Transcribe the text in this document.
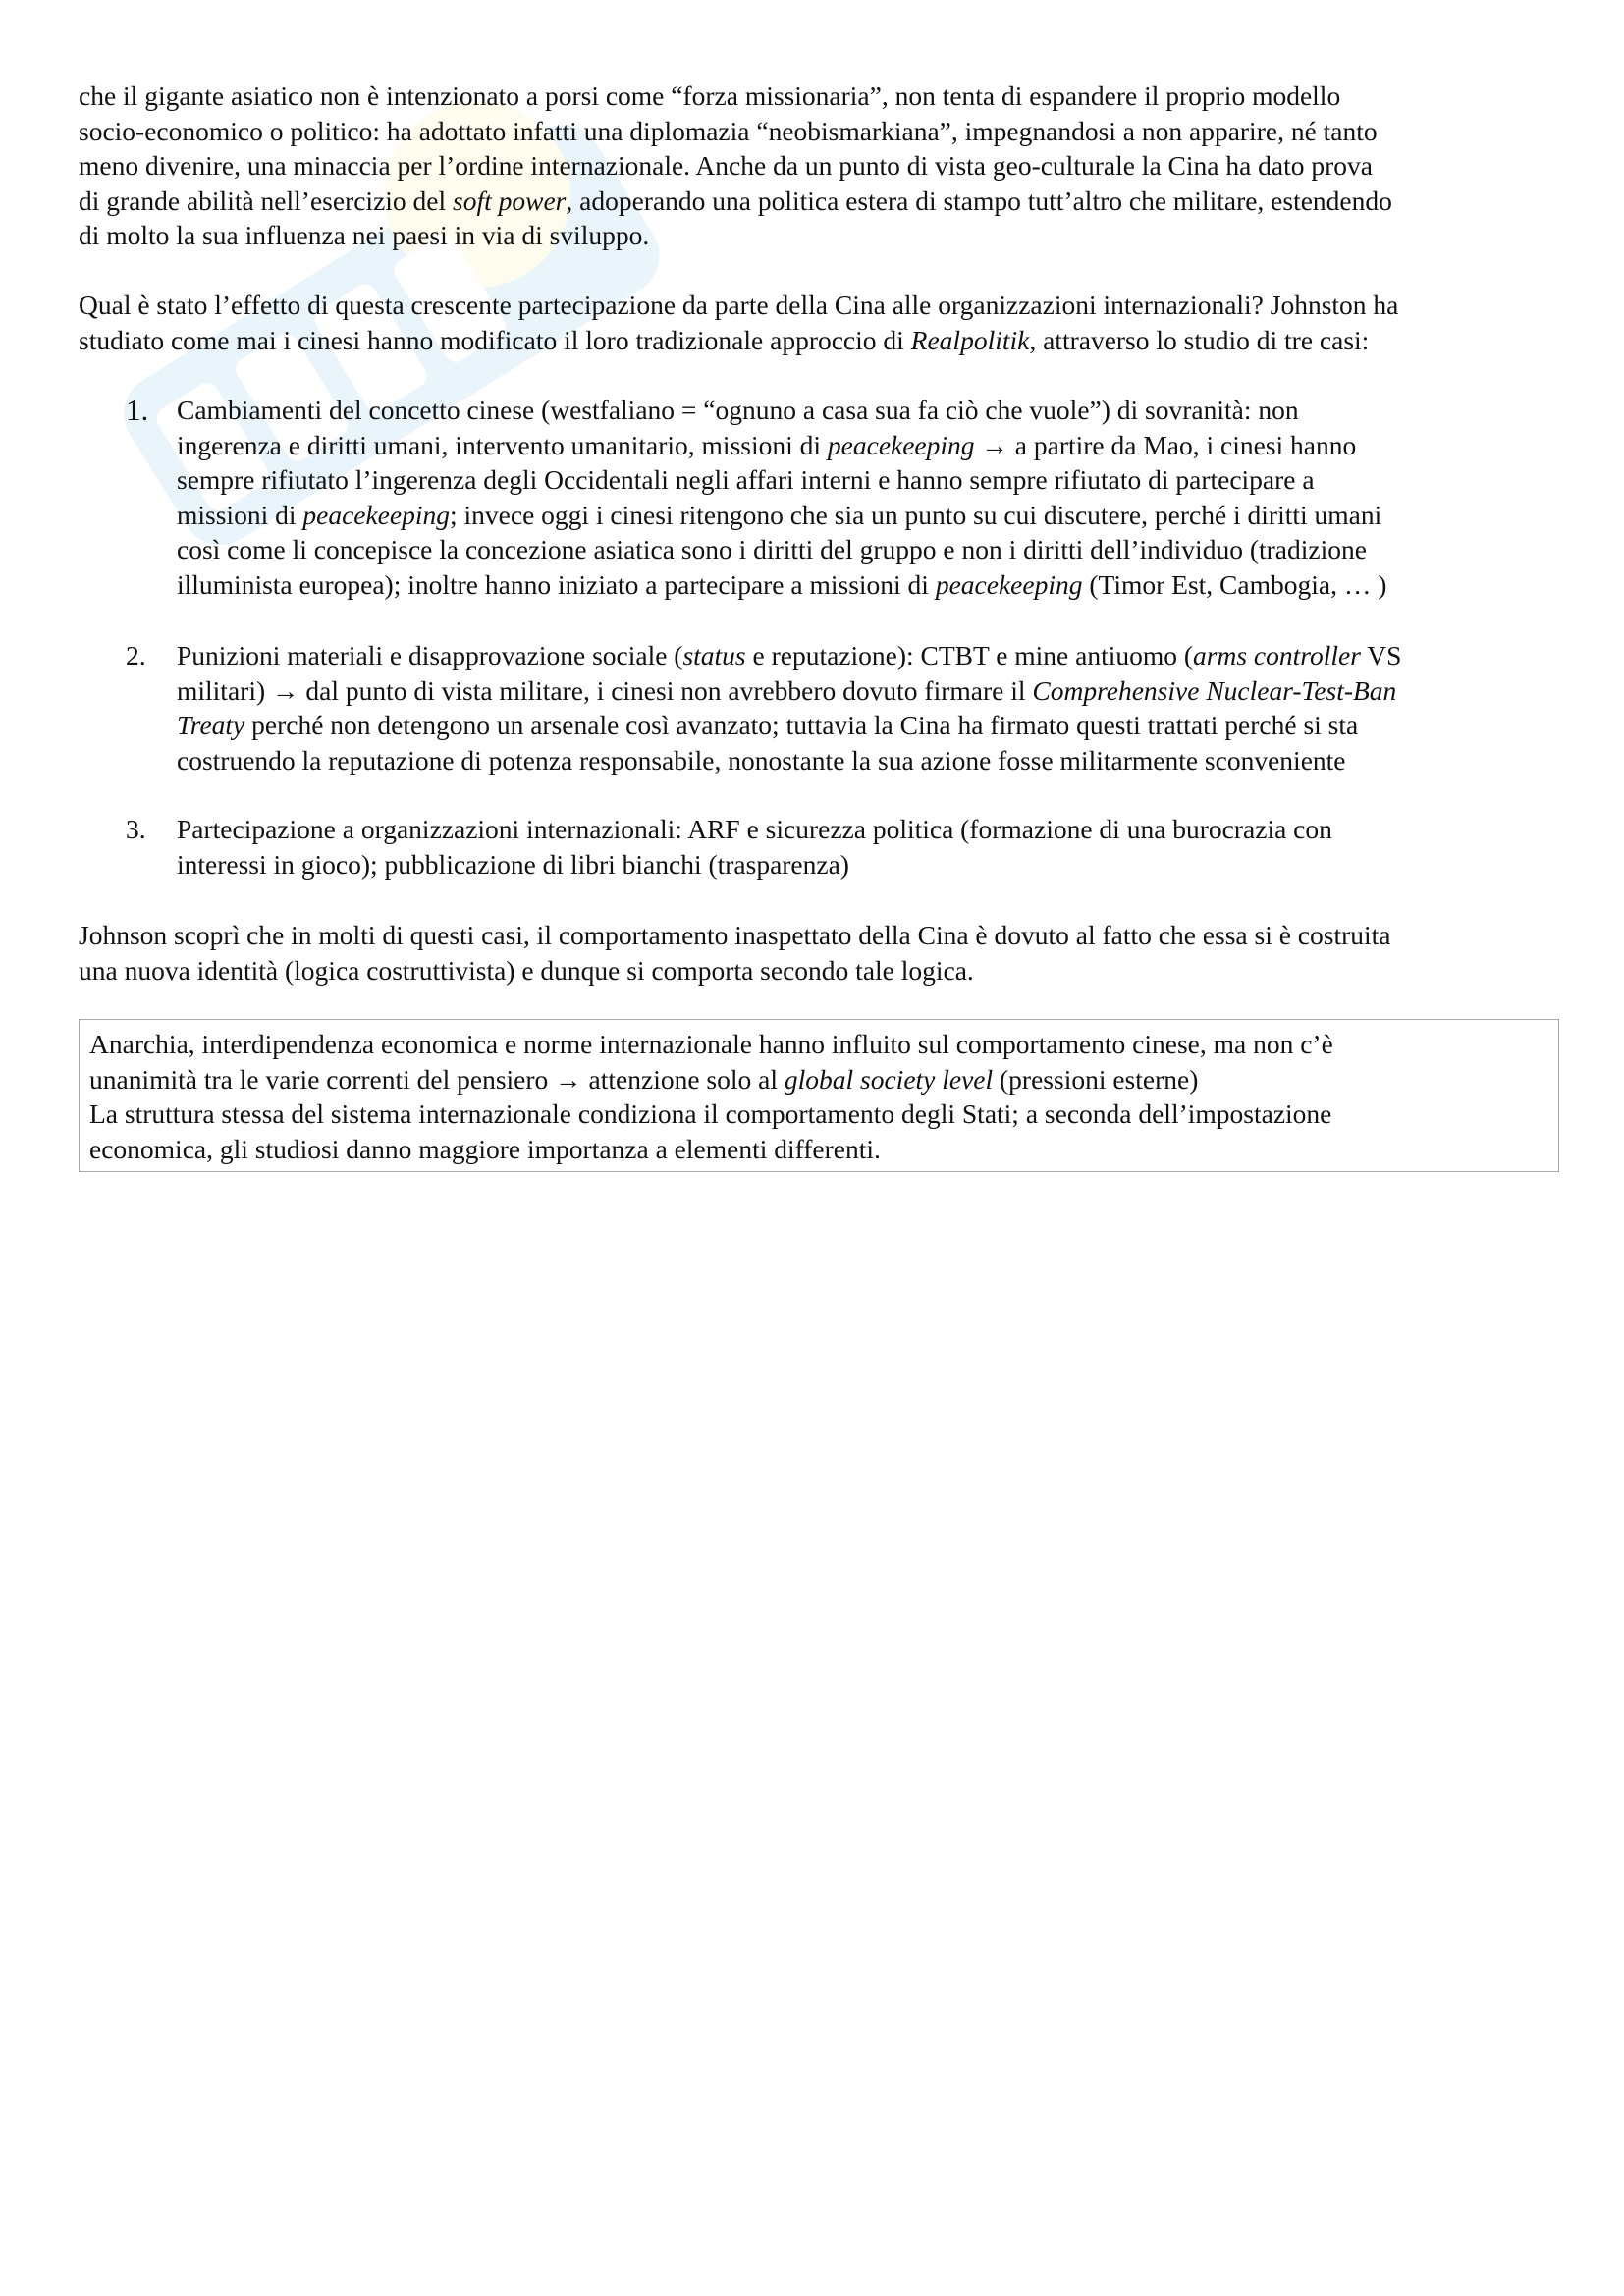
che il gigante asiatico non è intenzionato a porsi come “forza missionaria”, non tenta di espandere il proprio modello
socio-economico o politico: ha adottato infatti una diplomazia “neobismarkiana”, impegnandosi a non apparire, né tanto
meno divenire, una minaccia per l’ordine internazionale. Anche da un punto di vista geo-culturale la Cina ha dato prova
di grande abilità nell’esercizio del soft power, adoperando una politica estera di stampo tutt’altro che militare, estendendo
di molto la sua influenza nei paesi in via di sviluppo.
Qual è stato l’effetto di questa crescente partecipazione da parte della Cina alle organizzazioni internazionali? Johnston ha
studiato come mai i cinesi hanno modificato il loro tradizionale approccio di Realpolitik, attraverso lo studio di tre casi:
1. Cambiamenti del concetto cinese (westfaliano = “ognuno a casa sua fa ciò che vuole”) di sovranità: non
ingerenza e diritti umani, intervento umanitario, missioni di peacekeeping → a partire da Mao, i cinesi hanno
sempre rifiutato l’ingerenza degli Occidentali negli affari interni e hanno sempre rifiutato di partecipare a
missioni di peacekeeping; invece oggi i cinesi ritengono che sia un punto su cui discutere, perché i diritti umani
così come li concepisce la concezione asiatica sono i diritti del gruppo e non i diritti dell’individuo (tradizione
illuminista europea); inoltre hanno iniziato a partecipare a missioni di peacekeeping (Timor Est, Cambogia, … )
2. Punizioni materiali e disapprovazione sociale (status e reputazione): CTBT e mine antiuomo (arms controller VS
militari) → dal punto di vista militare, i cinesi non avrebbero dovuto firmare il Comprehensive Nuclear-Test-Ban
Treaty perché non detengono un arsenale così avanzato; tuttavia la Cina ha firmato questi trattati perché si sta
costruendo la reputazione di potenza responsabile, nonostante la sua azione fosse militarmente sconveniente
3. Partecipazione a organizzazioni internazionali: ARF e sicurezza politica (formazione di una burocrazia con
interessi in gioco); pubblicazione di libri bianchi (trasparenza)
Johnson scoprì che in molti di questi casi, il comportamento inaspettato della Cina è dovuto al fatto che essa si è costruita
una nuova identità (logica costruttivista) e dunque si comporta secondo tale logica.
Anarchia, interdipendenza economica e norme internazionale hanno influito sul comportamento cinese, ma non c’è
unanimità tra le varie correnti del pensiero → attenzione solo al global society level (pressioni esterne)
La struttura stessa del sistema internazionale condiziona il comportamento degli Stati; a seconda dell’impostazione
economica, gli studiosi danno maggiore importanza a elementi differenti.
